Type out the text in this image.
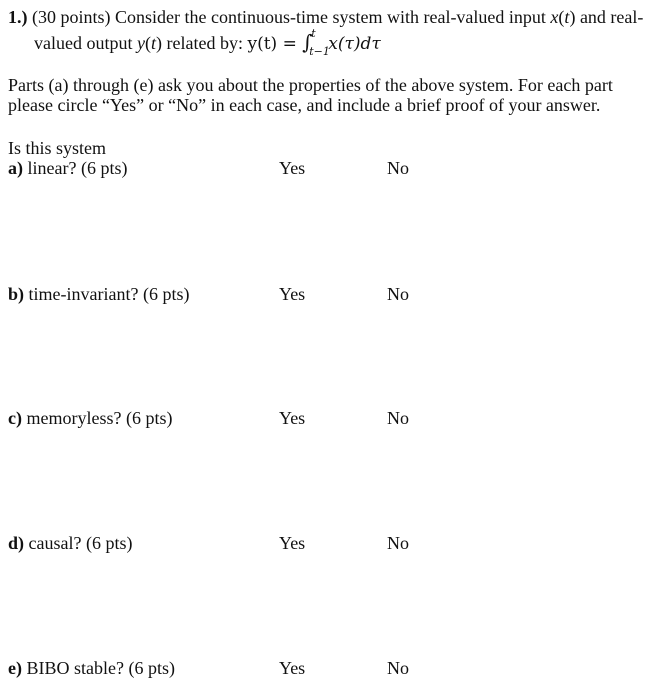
1.) (30 points) Consider the continuous-time system with real-valued input x(t) and real-
valued output y(t) related by: y(t) = ∫
t
t−1
x(τ)dτ
Parts (a) through (e) ask you about the properties of the above system. For each part
please circle “Yes” or “No” in each case, and include a brief proof of your answer.
Is this system
a) linear? (6 pts)	Yes	No
b) time-invariant? (6 pts)	Yes	No
c) memoryless? (6 pts)	Yes	No
d) causal? (6 pts)	Yes	No
e) BIBO stable? (6 pts)	Yes	No
